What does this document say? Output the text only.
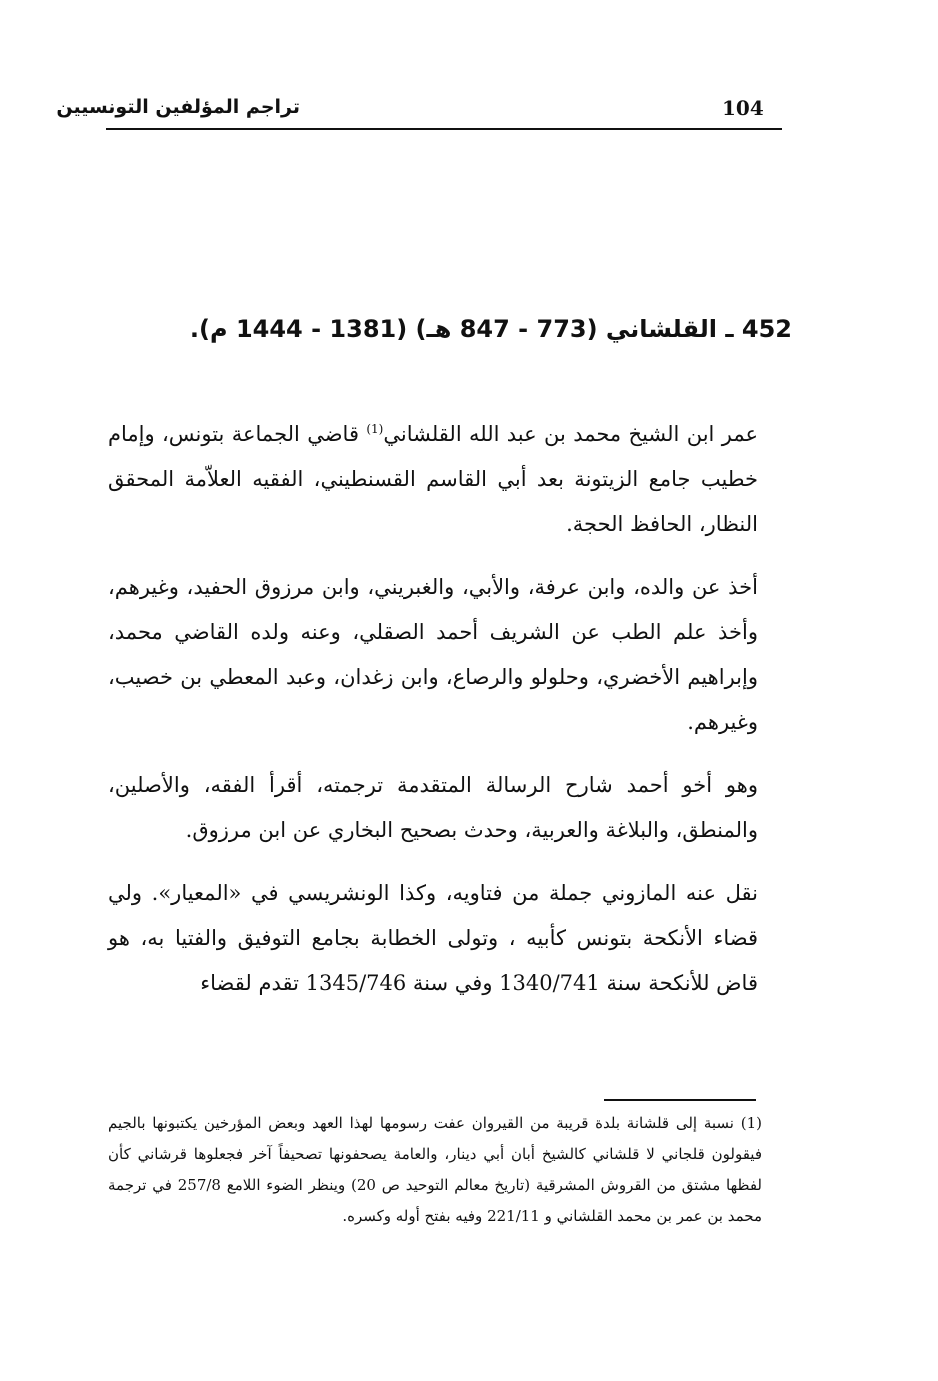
تراجم المؤلفين التونسيين	104
452 ـ القلشاني (773 - 847 هـ) (1381 - 1444 م).

عمر ابن الشيخ محمد بن عبد الله القلشاني$^{(1)}$ قاضي الجماعة بتونس، وإمام خطيب جامع الزيتونة بعد أبي القاسم القسنطيني، الفقيه العلاّمة المحقق النظار، الحافظ الحجة.

أخذ عن والده، وابن عرفة، والأبي، والغبريني، وابن مرزوق الحفيد، وغيرهم، وأخذ علم الطب عن الشريف أحمد الصقلي، وعنه ولده القاضي محمد، وإبراهيم الأخضري، وحلولو والرصاع، وابن زغدان، وعبد المعطي بن خصيب، وغيرهم.

وهو أخو أحمد شارح الرسالة المتقدمة ترجمته، أقرأ الفقه، والأصلين، والمنطق، والبلاغة والعربية، وحدث بصحيح البخاري عن ابن مرزوق.

نقل عنه المازوني جملة من فتاويه، وكذا الونشريسي في «المعيار». ولي قضاء الأنكحة بتونس كأبيه ، وتولى الخطابة بجامع التوفيق والفتيا به، هو قاض للأنكحة سنة 1340/741 وفي سنة 1345/746 تقدم لقضاء

(1) نسبة إلى قلشانة بلدة قريبة من القيروان عفت رسومها لهذا العهد وبعض المؤرخين يكتبونها بالجيم فيقولون قلجاني لا قلشاني كالشيخ أبان أبي دينار، والعامة يصحفونها تصحيفاً آخر فجعلوها قرشاني كأن لفظها مشتق من القروش المشرقية (تاريخ معالم التوحيد ص 20) وينظر الضوء اللامع 257/8 في ترجمة محمد بن عمر بن محمد القلشاني و 221/11 وفيه بفتح أوله وكسره.
